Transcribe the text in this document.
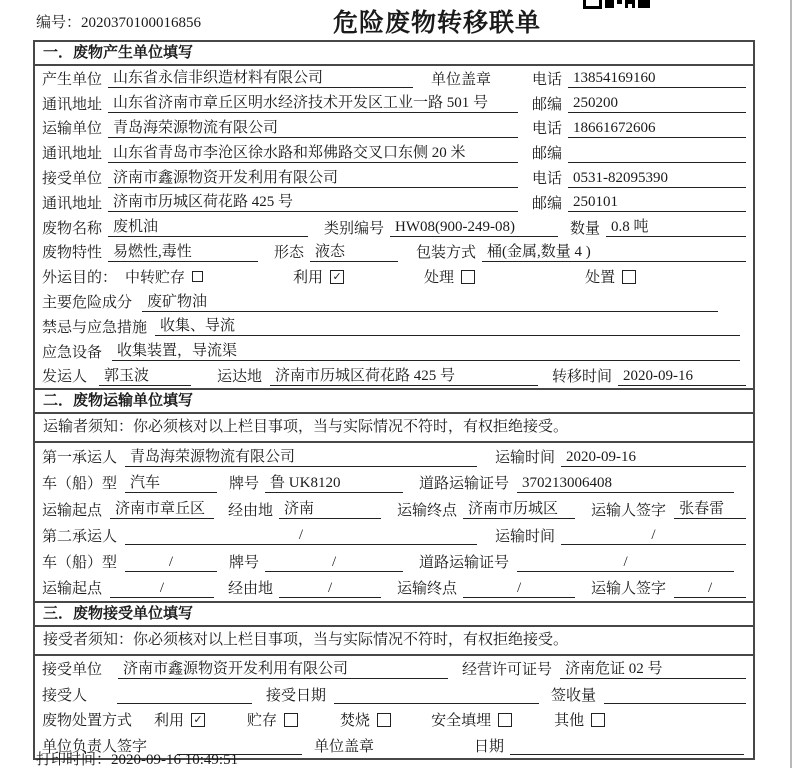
编号：2020370100016856	危险废物转移联单
一．废物产生单位填写
产生单位 山东省永信非织造材料有限公司	单位盖章	电话 13854169160
通讯地址 山东省济南市章丘区明水经济技术开发区工业一路 501 号	邮编 250200
运输单位 青岛海荣源物流有限公司	电话 18661672606
通讯地址 山东省青岛市李沧区徐水路和郑佛路交叉口东侧 20 米	邮编
接受单位 济南市鑫源物资开发利用有限公司	电话 0531-82095390
通讯地址 济南市历城区荷花路 425 号	邮编 250101
废物名称 废机油	类别编号 HW08(900-249-08)	数量 0.8 吨
废物特性 易燃性,毒性	形态 液态	包装方式 桶(金属,数量 4 )
外运目的： 中转贮存	利用 ✓	处理	处置
主要危险成分	废矿物油
禁忌与应急措施 收集、导流
应急设备	收集装置，导流渠
发运人	郭玉波	运达地 济南市历城区荷花路 425 号	转移时间 2020-09-16
二．废物运输单位填写
运输者须知：你必须核对以上栏目事项，当与实际情况不符时，有权拒绝接受。
第一承运人 青岛海荣源物流有限公司	运输时间 2020-09-16
车（船）型 汽车	牌号 鲁 UK8120	道路运输证号 370213006408
运输起点 济南市章丘区	经由地 济南	运输终点 济南市历城区	运输人签字 张春雷
第二承运人	/	运输时间	/
车（船）型	/	牌号	/	道路运输证号	/
运输起点	/	经由地	/	运输终点	/	运输人签字	/
三．废物接受单位填写
接受者须知：你必须核对以上栏目事项，当与实际情况不符时，有权拒绝接受。
接受单位	济南市鑫源物资开发利用有限公司	经营许可证号 济南危证 02 号
接受人	接受日期	签收量
废物处置方式 利用 ✓	贮存	焚烧	安全填埋	其他
单位负责人签字	单位盖章	日期
打印时间：2020-09-16 10:49:51
